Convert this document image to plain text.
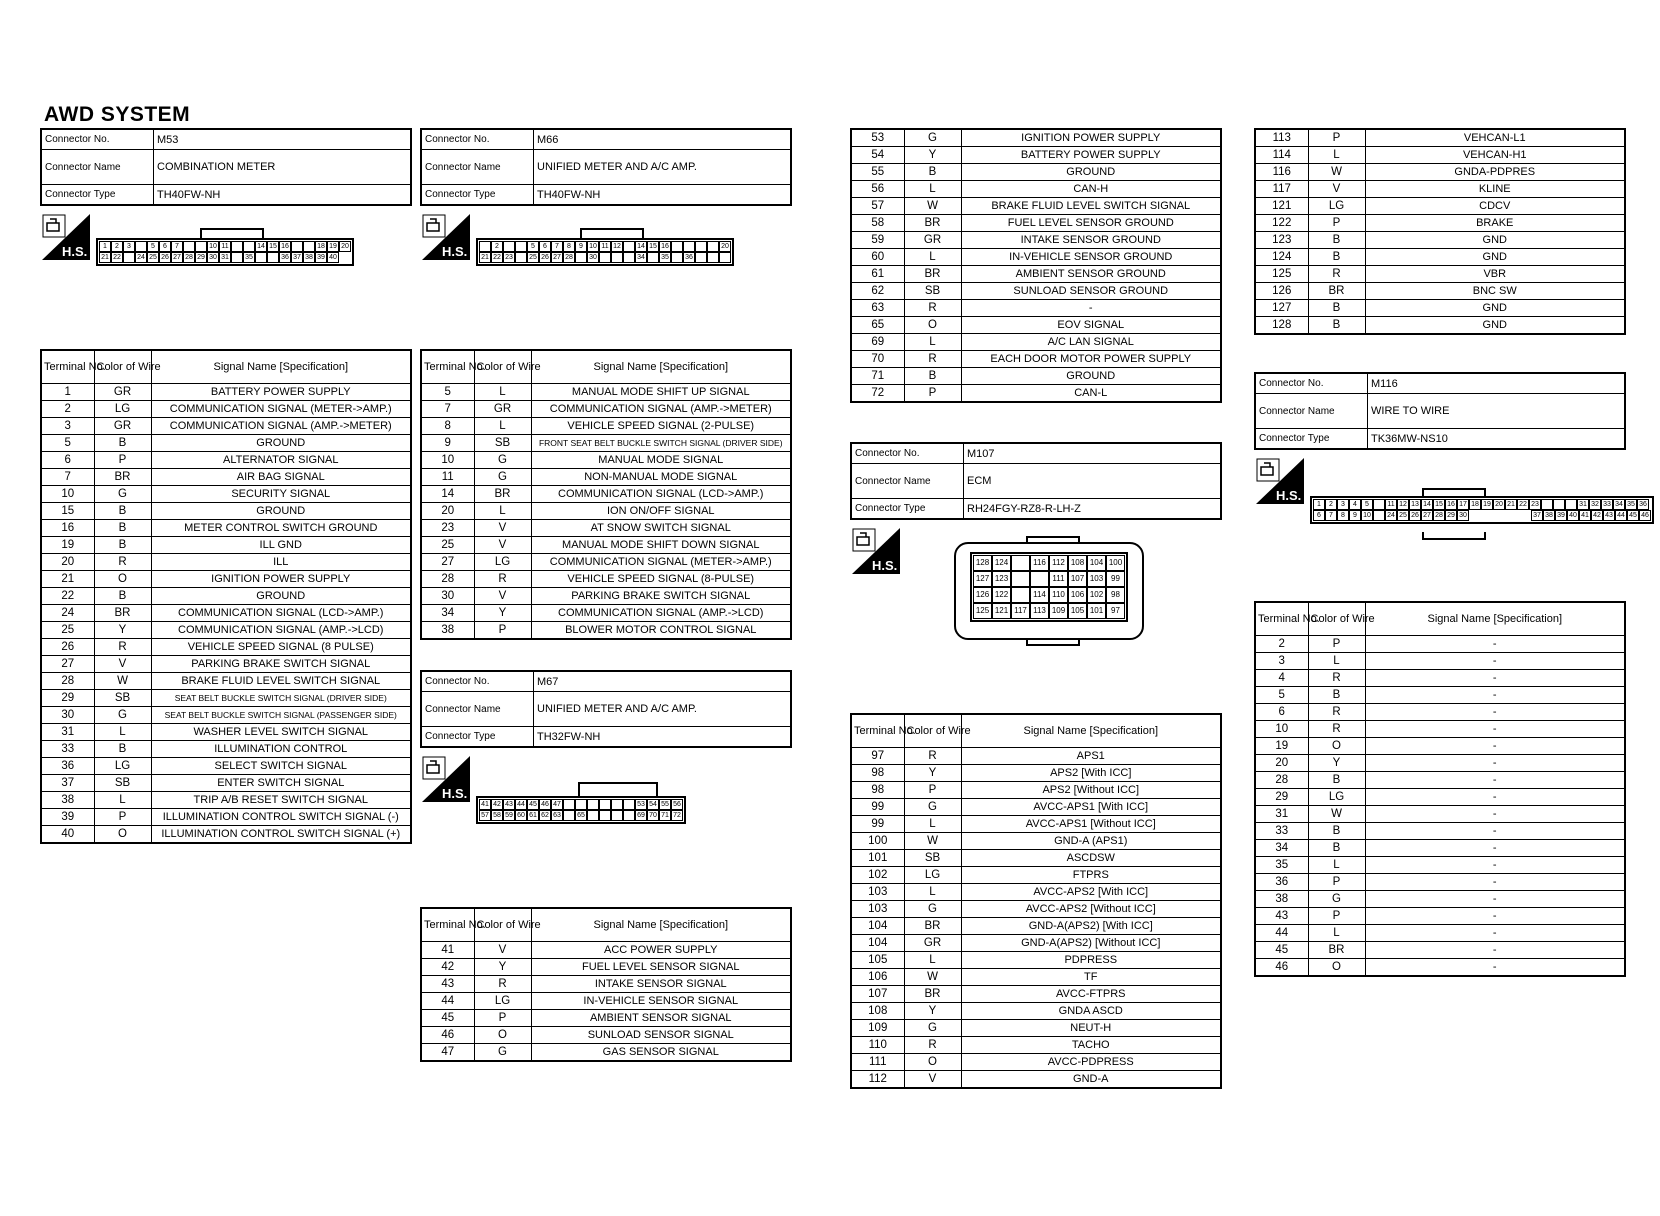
AWD SYSTEM
Connector No.	M53
Connector Name	COMBINATION METER
Connector Type	TH40FW-NH
H.S.	1	2	3	5	6	7	10 11	14 15 16	18 19 20
21 22	24 25 26 27 28 29 30 31	35	36 37 38 39 40
Terminal No.	Color of Wire	Signal Name [Specification]
1	GR	BATTERY POWER SUPPLY
2	LG	COMMUNICATION SIGNAL (METER->AMP.)
3	GR	COMMUNICATION SIGNAL (AMP.->METER)
5	B	GROUND
6	P	ALTERNATOR SIGNAL
7	BR	AIR BAG SIGNAL
10	G	SECURITY SIGNAL
15	B	GROUND
16	B	METER CONTROL SWITCH GROUND
19	B	ILL GND
20	R	ILL
21	O	IGNITION POWER SUPPLY
22	B	GROUND
24	BR	COMMUNICATION SIGNAL (LCD->AMP.)
25	Y	COMMUNICATION SIGNAL (AMP.->LCD)
26	R	VEHICLE SPEED SIGNAL (8 PULSE)
27	V	PARKING BRAKE SWITCH SIGNAL
28	W	BRAKE FLUID LEVEL SWITCH SIGNAL
29	SB	SEAT BELT BUCKLE SWITCH SIGNAL (DRIVER SIDE)
30	G	SEAT BELT BUCKLE SWITCH SIGNAL (PASSENGER SIDE)
31	L	WASHER LEVEL SWITCH SIGNAL
33	B	ILLUMINATION CONTROL
36	LG	SELECT SWITCH SIGNAL
37	SB	ENTER SWITCH SIGNAL
38	L	TRIP A/B RESET SWITCH SIGNAL
39	P	ILLUMINATION CONTROL SWITCH SIGNAL (-)
40	O	ILLUMINATION CONTROL SWITCH SIGNAL (+)
Connector No.	M66
Connector Name	UNIFIED METER AND A/C AMP.
Connector Type	TH40FW-NH
H.S.	2	5	6	7	8	9 10 11 12	14 15 16	20
21 22 23	25 26 27 28	30	34	35	36
Terminal No.	Color of Wire	Signal Name [Specification]
5	L	MANUAL MODE SHIFT UP SIGNAL
7	GR	COMMUNICATION SIGNAL (AMP.->METER)
8	L	VEHICLE SPEED SIGNAL (2-PULSE)
9	SB	FRONT SEAT BELT BUCKLE SWITCH SIGNAL (DRIVER SIDE)
10	G	MANUAL MODE SIGNAL
11	G	NON-MANUAL MODE SIGNAL
14	BR	COMMUNICATION SIGNAL (LCD->AMP.)
20	L	ION ON/OFF SIGNAL
23	V	AT SNOW SWITCH SIGNAL
25	V	MANUAL MODE SHIFT DOWN SIGNAL
27	LG	COMMUNICATION SIGNAL (METER->AMP.)
28	R	VEHICLE SPEED SIGNAL (8-PULSE)
30	V	PARKING BRAKE SWITCH SIGNAL
34	Y	COMMUNICATION SIGNAL (AMP.->LCD)
38	P	BLOWER MOTOR CONTROL SIGNAL
Connector No.	M67
Connector Name	UNIFIED METER AND A/C AMP.
Connector Type	TH32FW-NH
H.S.
41 42 43 44 45 46 47	53 54 55 56
57 58 59 60 61 62 63	65	69 70 71 72
Terminal No.	Color of Wire	Signal Name [Specification]
41	V	ACC POWER SUPPLY
42	Y	FUEL LEVEL SENSOR SIGNAL
43	R	INTAKE SENSOR SIGNAL
44	LG	IN-VEHICLE SENSOR SIGNAL
45	P	AMBIENT SENSOR SIGNAL
46	O	SUNLOAD SENSOR SIGNAL
47	G	GAS SENSOR SIGNAL
53	G	IGNITION POWER SUPPLY
54	Y	BATTERY POWER SUPPLY
55	B	GROUND
56	L	CAN-H
57	W	BRAKE FLUID LEVEL SWITCH SIGNAL
58	BR	FUEL LEVEL SENSOR GROUND
59	GR	INTAKE SENSOR GROUND
60	L	IN-VEHICLE SENSOR GROUND
61	BR	AMBIENT SENSOR GROUND
62	SB	SUNLOAD SENSOR GROUND
63	R	-
65	O	EOV SIGNAL
69	L	A/C LAN SIGNAL
70	R	EACH DOOR MOTOR POWER SUPPLY
71	B	GROUND
72	P	CAN-L
Connector No.	M107
Connector Name	ECM
Connector Type	RH24FGY-RZ8-R-LH-Z
H.S.	128 124	116 112 108 104 100
127 123	111 107 103 99
126 122	114 110 106 102 98
125 121 117 113 109 105 101 97
Terminal No.	Color of Wire	Signal Name [Specification]
97	R	APS1
98	Y	APS2 [With ICC]
98	P	APS2 [Without ICC]
99	G	AVCC-APS1 [With ICC]
99	L	AVCC-APS1 [Without ICC]
100	W	GND-A (APS1)
101	SB	ASCDSW
102	LG	FTPRS
103	L	AVCC-APS2 [With ICC]
103	G	AVCC-APS2 [Without ICC]
104	BR	GND-A(APS2) [With ICC]
104	GR	GND-A(APS2) [Without ICC]
105	L	PDPRESS
106	W	TF
107	BR	AVCC-FTPRS
108	Y	GNDA ASCD
109	G	NEUT-H
110	R	TACHO
111	O	AVCC-PDPRESS
112	V	GND-A
113	P	VEHCAN-L1
114	L	VEHCAN-H1
116	W	GNDA-PDPRES
117	V	KLINE
121	LG	CDCV
122	P	BRAKE
123	B	GND
124	B	GND
125	R	VBR
126	BR	BNC SW
127	B	GND
128	B	GND
Connector No.	M116
Connector Name	WIRE TO WIRE
Connector Type	TK36MW-NS10
H.S.
1	2	3	4	5	11 12 13 14 15 16 17 18 19 20 21 22 23	31 32 33 34 35 36
6	7	8	9 10	24 25 26 27 28 29 30	37 38 39 40 41 42 43 44 45 46
Terminal No.	Color of Wire	Signal Name [Specification]
2	P	-
3	L	-
4	R	-
5	B	-
6	R	-
10	R	-
19	O	-
20	Y	-
28	B	-
29	LG	-
31	W	-
33	B	-
34	B	-
35	L	-
36	P	-
38	G	-
43	P	-
44	L	-
45	BR	-
46	O	-
